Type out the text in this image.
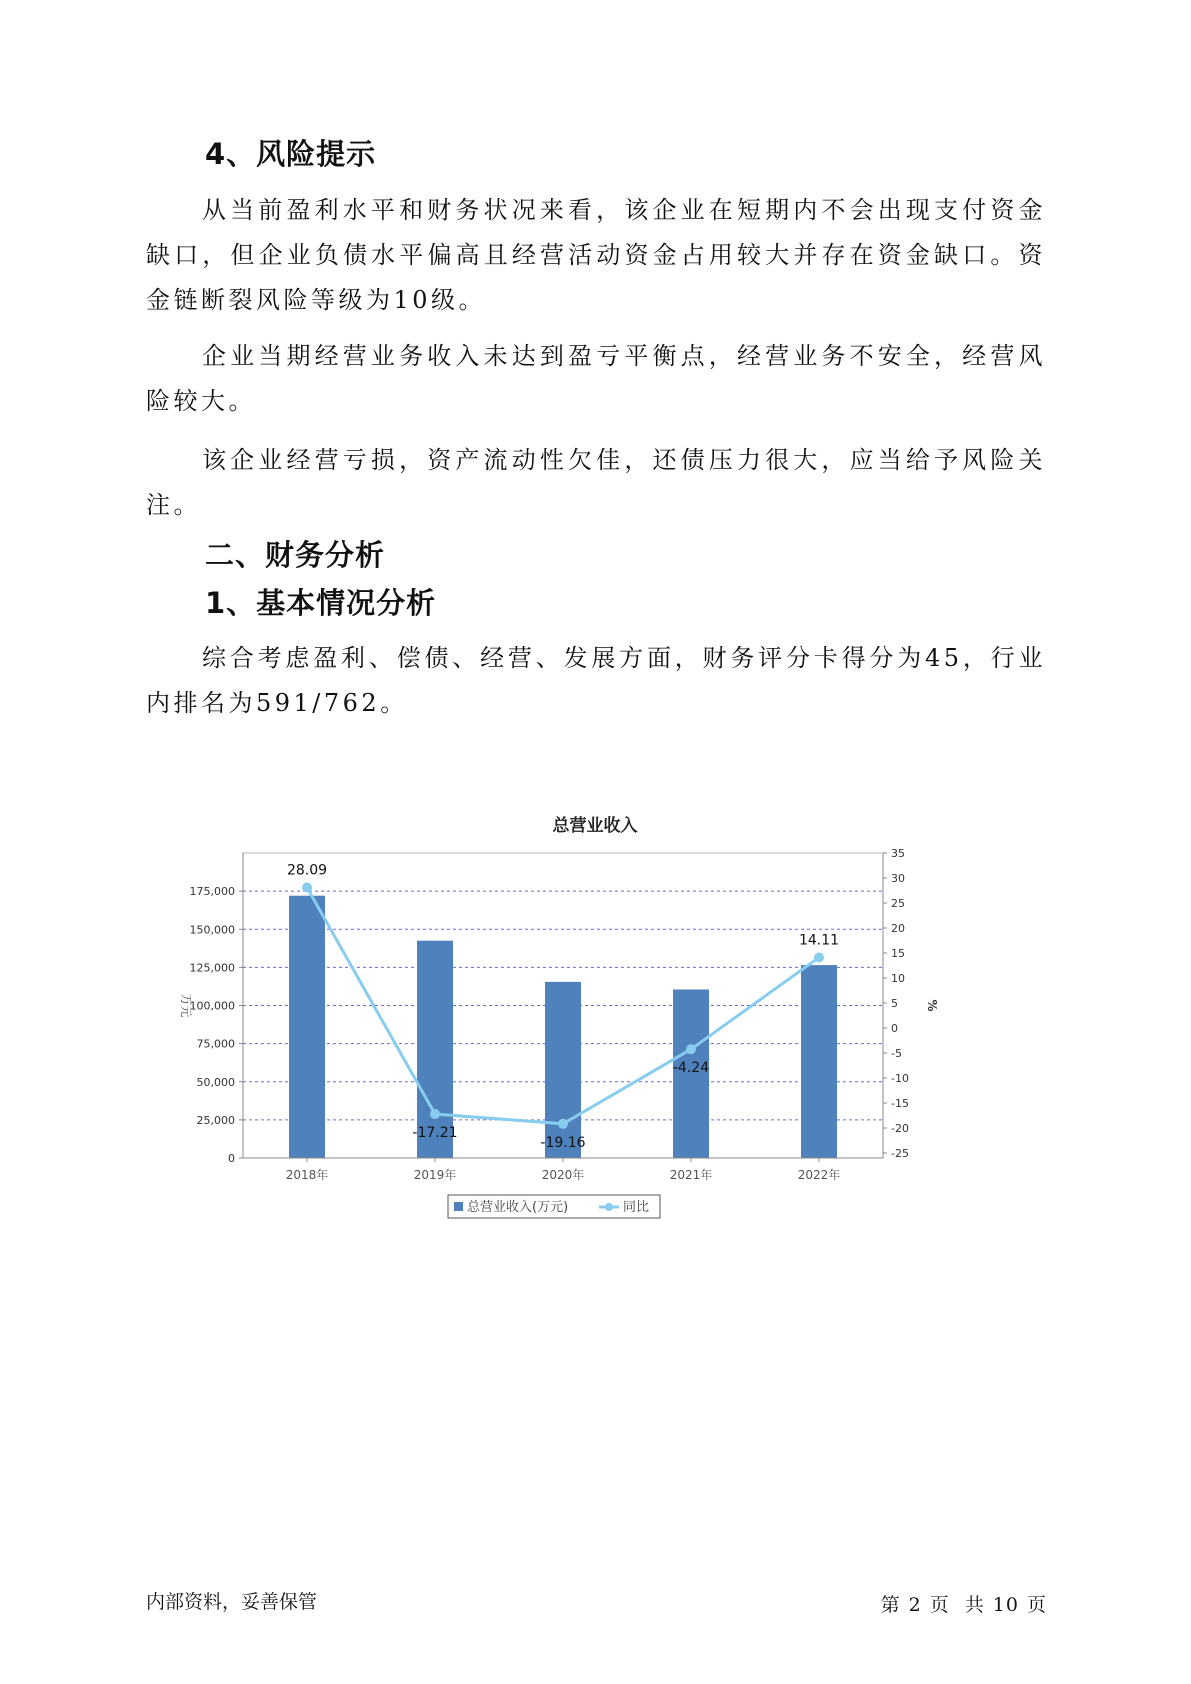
4、风险提示

从当前盈利水平和财务状况来看，该企业在短期内不会出现支付资金缺口，但企业负债水平偏高且经营活动资金占用较大并存在资金缺口。资金链断裂风险等级为10级。

企业当期经营业务收入未达到盈亏平衡点，经营业务不安全，经营风险较大。

该企业经营亏损，资产流动性欠佳，还债压力很大，应当给予风险关注。

二、财务分析
1、基本情况分析

综合考虑盈利、偿债、经营、发展方面，财务评分卡得分为45，行业内排名为591/762。

总营业收入
0
25,000
50,000
75,000
100,000
125,000
150,000
175,000
-25
-20
-15
-10
-5
0
5
10
15
20
25
30
35
2018年	2019年	2020年	2021年	2022年
万元	%
28.09
-17.21
-19.16
-4.24
14.11
总营业收入(万元)	同比
内部资料，妥善保管	第 2 页 共 10 页
